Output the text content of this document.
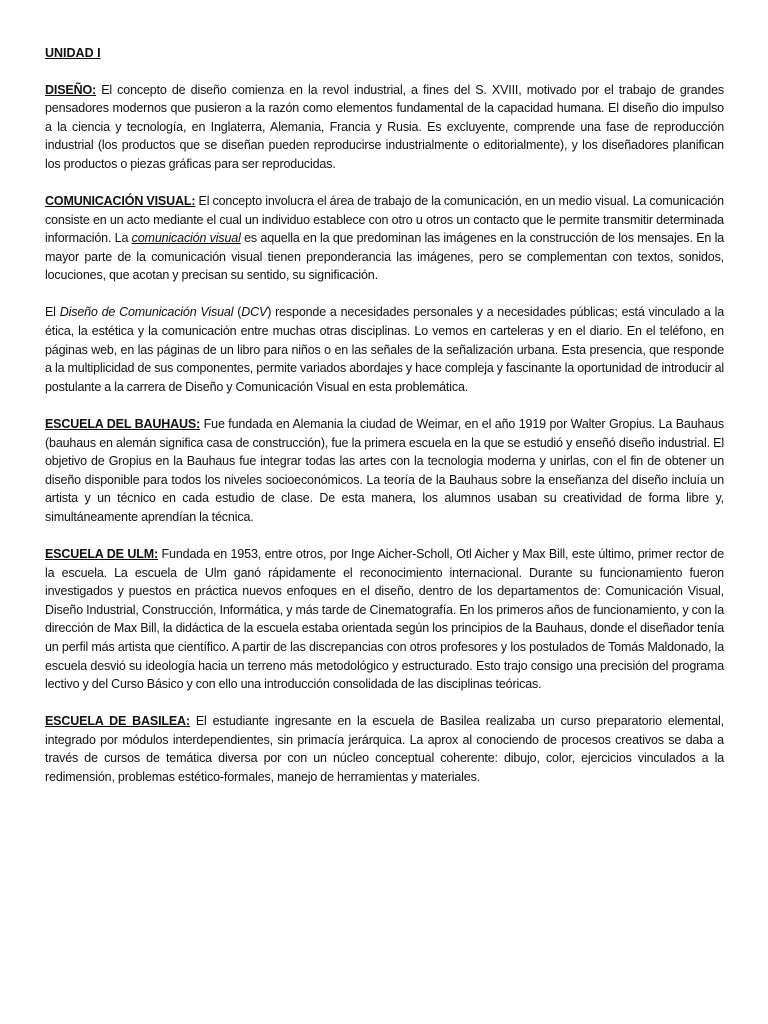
UNIDAD I

DISEÑO: El concepto de diseño comienza en la revol industrial, a fines del S. XVIII, motivado por el trabajo de grandes pensadores modernos que pusieron a la razón como elementos fundamental de la capacidad humana. El diseño dio impulso a la ciencia y tecnología, en Inglaterra, Alemania, Francia y Rusia. Es excluyente, comprende una fase de reproducción industrial (los productos que se diseñan pueden reproducirse industrialmente o editorialmente), y los diseñadores planifican los productos o piezas gráficas para ser reproducidas.

COMUNICACIÓN VISUAL: El concepto involucra el área de trabajo de la comunicación, en un medio visual. La comunicación consiste en un acto mediante el cual un individuo establece con otro u otros un contacto que le permite transmitir determinada información. La comunicación visual es aquella en la que predominan las imágenes en la construcción de los mensajes. En la mayor parte de la comunicación visual tienen preponderancia las imágenes, pero se complementan con textos, sonidos, locuciones, que acotan y precisan su sentido, su significación.

El Diseño de Comunicación Visual (DCV) responde a necesidades personales y a necesidades públicas; está vinculado a la ética, la estética y la comunicación entre muchas otras disciplinas. Lo vemos en carteleras y en el diario. En el teléfono, en páginas web, en las páginas de un libro para niños o en las señales de la señalización urbana. Esta presencia, que responde a la multiplicidad de sus componentes, permite variados abordajes y hace compleja y fascinante la oportunidad de introducir al postulante a la carrera de Diseño y Comunicación Visual en esta problemática.

ESCUELA DEL BAUHAUS: Fue fundada en Alemania la ciudad de Weimar, en el año 1919 por Walter Gropius. La Bauhaus (bauhaus en alemán significa casa de construcción), fue la primera escuela en la que se estudió y enseñó diseño industrial. El objetivo de Gropius en la Bauhaus fue integrar todas las artes con la tecnologia moderna y unirlas, con el fin de obtener un diseño disponible para todos los niveles socioeconómicos. La teoría de la Bauhaus sobre la enseñanza del diseño incluía un artista y un técnico en cada estudio de clase. De esta manera, los alumnos usaban su creatividad de forma libre y, simultáneamente aprendían la técnica.

ESCUELA DE ULM: Fundada en 1953, entre otros, por Inge Aicher-Scholl, Otl Aicher y Max Bill, este último, primer rector de la escuela. La escuela de Ulm ganó rápidamente el reconocimiento internacional. Durante su funcionamiento fueron investigados y puestos en práctica nuevos enfoques en el diseño, dentro de los departamentos de: Comunicación Visual, Diseño Industrial, Construcción, Informática, y más tarde de Cinematografía. En los primeros años de funcionamiento, y con la dirección de Max Bill, la didáctica de la escuela estaba orientada según los principios de la Bauhaus, donde el diseñador tenía un perfil más artista que científico. A partir de las discrepancias con otros profesores y los postulados de Tomás Maldonado, la escuela desvió su ideología hacia un terreno más metodológico y estructurado. Esto trajo consigo una precisión del programa lectivo y del Curso Básico y con ello una introducción consolidada de las disciplinas teóricas.

ESCUELA DE BASILEA: El estudiante ingresante en la escuela de Basilea realizaba un curso preparatorio elemental, integrado por módulos interdependientes, sin primacía jerárquica. La aprox al conociendo de procesos creativos se daba a través de cursos de temática diversa por con un núcleo conceptual coherente: dibujo, color, ejercicios vinculados a la redimensión, problemas estético-formales, manejo de herramientas y materiales.
